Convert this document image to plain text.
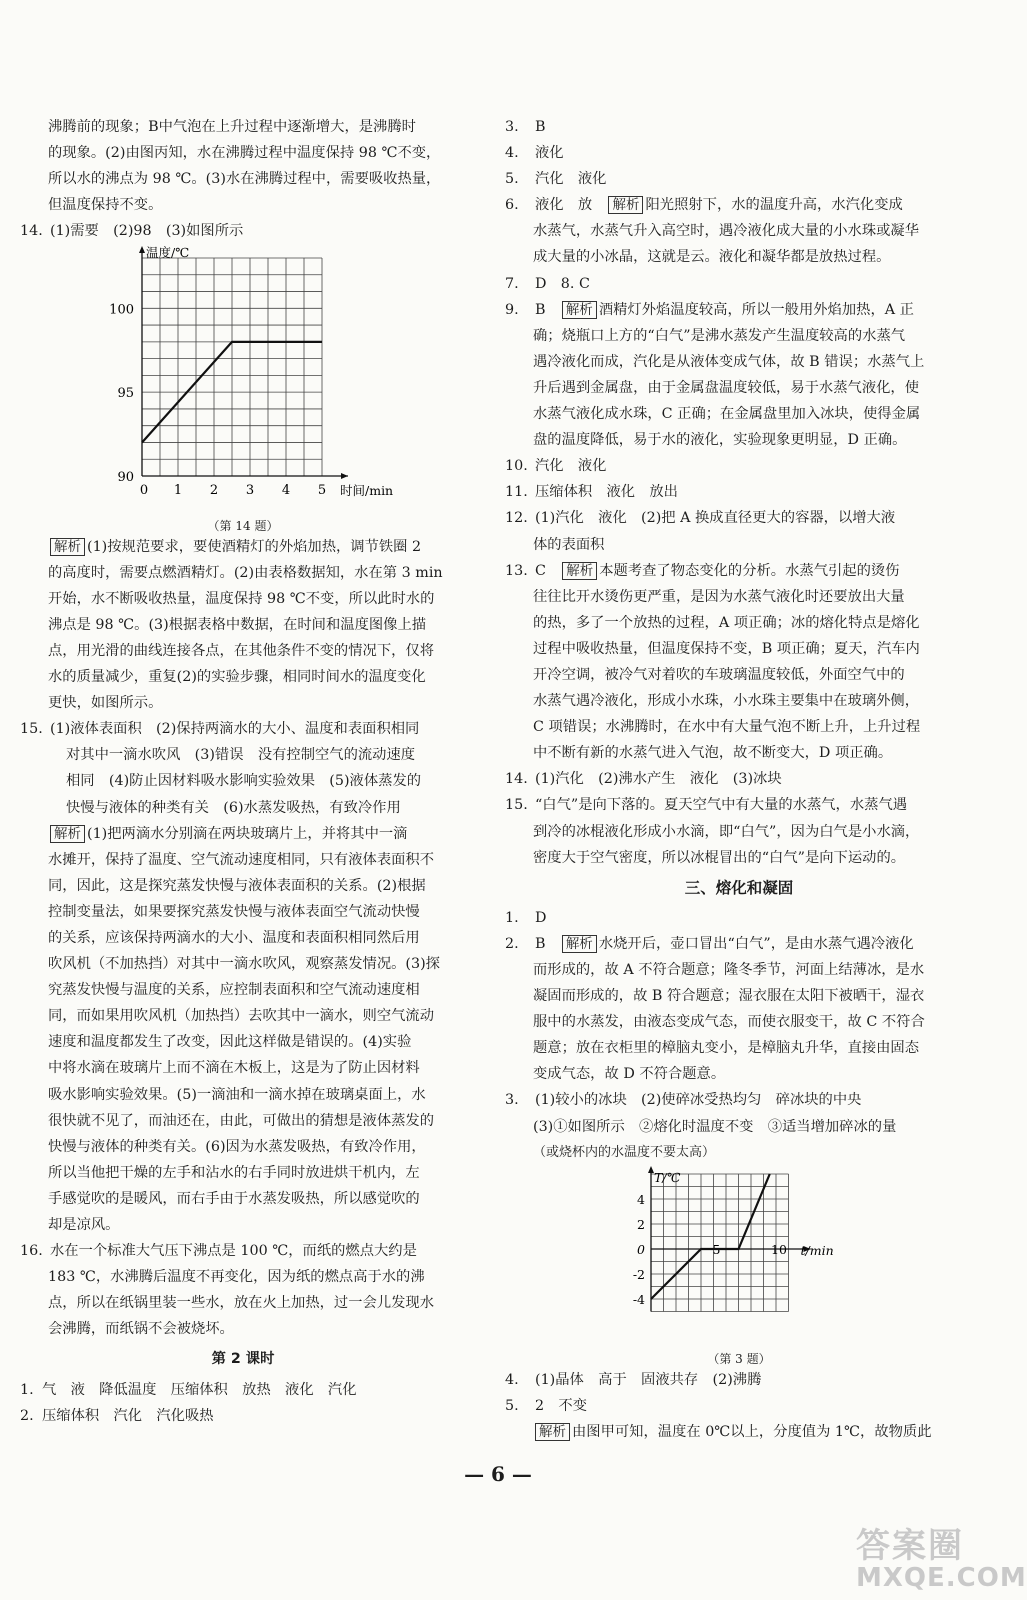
沸腾前的现象；B中气泡在上升过程中逐渐增大，是沸腾时

的现象。(2)由图丙知，水在沸腾过程中温度保持 98 ℃不变，

所以水的沸点为 98 ℃。(3)水在沸腾过程中，需要吸收热量，

但温度保持不变。

14. (1)需要　(2)98　(3)如图所示

0 1 2 3 4 5
90
95
100
时间/min
温度/℃
（第 14 题）

解析 (1)按规范要求，要使酒精灯的外焰加热，调节铁圈 2

的高度时，需要点燃酒精灯。(2)由表格数据知，水在第 3 min

开始，水不断吸收热量，温度保持 98 ℃不变，所以此时水的

沸点是 98 ℃。(3)根据表格中数据，在时间和温度图像上描

点，用光滑的曲线连接各点，在其他条件不变的情况下，仅将

水的质量减少，重复(2)的实验步骤，相同时间水的温度变化

更快，如图所示。

15. (1)液体表面积　(2)保持两滴水的大小、温度和表面积相同

对其中一滴水吹风　(3)错误　没有控制空气的流动速度

相同　(4)防止因材料吸水影响实验效果　(5)液体蒸发的

快慢与液体的种类有关　(6)水蒸发吸热，有致冷作用

解析 (1)把两滴水分别滴在两块玻璃片上，并将其中一滴

水摊开，保持了温度、空气流动速度相同，只有液体表面积不

同，因此，这是探究蒸发快慢与液体表面积的关系。(2)根据

控制变量法，如果要探究蒸发快慢与液体表面空气流动快慢

的关系，应该保持两滴水的大小、温度和表面积相同然后用

吹风机（不加热挡）对其中一滴水吹风，观察蒸发情况。(3)探

究蒸发快慢与温度的关系，应控制表面积和空气流动速度相

同，而如果用吹风机（加热挡）去吹其中一滴水，则空气流动

速度和温度都发生了改变，因此这样做是错误的。(4)实验

中将水滴在玻璃片上而不滴在木板上，这是为了防止因材料

吸水影响实验效果。(5)一滴油和一滴水掉在玻璃桌面上，水

很快就不见了，而油还在，由此，可做出的猜想是液体蒸发的

快慢与液体的种类有关。(6)因为水蒸发吸热，有致冷作用，

所以当他把干燥的左手和沾水的右手同时放进烘干机内，左

手感觉吹的是暖风，而右手由于水蒸发吸热，所以感觉吹的

却是凉风。

16. 水在一个标准大气压下沸点是 100 ℃，而纸的燃点大约是

183 ℃，水沸腾后温度不再变化，因为纸的燃点高于水的沸

点，所以在纸锅里装一些水，放在火上加热，过一会儿发现水

会沸腾，而纸锅不会被烧坏。

第 2 课时

1. 气　液　降低温度　压缩体积　放热　液化　汽化

2. 压缩体积　汽化　汽化吸热

3. B

4. 液化

5. 汽化　液化

6. 液化　放　解析 阳光照射下，水的温度升高，水汽化变成

水蒸气，水蒸气升入高空时，遇冷液化成大量的小水珠或凝华

成大量的小冰晶，这就是云。液化和凝华都是放热过程。

7. D　8. C

9. B　解析 酒精灯外焰温度较高，所以一般用外焰加热，A 正

确；烧瓶口上方的“白气”是沸水蒸发产生温度较高的水蒸气

遇冷液化而成，汽化是从液体变成气体，故 B 错误；水蒸气上

升后遇到金属盘，由于金属盘温度较低，易于水蒸气液化，使

水蒸气液化成水珠，C 正确；在金属盘里加入冰块，使得金属

盘的温度降低，易于水的液化，实验现象更明显，D 正确。

10. 汽化　液化

11. 压缩体积　液化　放出

12. (1)汽化　液化　(2)把 A 换成直径更大的容器，以增大液

体的表面积

13. C　解析 本题考查了物态变化的分析。水蒸气引起的烫伤

往往比开水烫伤更严重，是因为水蒸气液化时还要放出大量

的热，多了一个放热的过程，A 项正确；冰的熔化特点是熔化

过程中吸收热量，但温度保持不变，B 项正确；夏天，汽车内

开冷空调，被冷气对着吹的车玻璃温度较低，外面空气中的

水蒸气遇冷液化，形成小水珠，小水珠主要集中在玻璃外侧，

C 项错误；水沸腾时，在水中有大量气泡不断上升，上升过程

中不断有新的水蒸气进入气泡，故不断变大，D 项正确。

14. (1)汽化　(2)沸水产生　液化　(3)冰块

15. “白气”是向下落的。夏天空气中有大量的水蒸气，水蒸气遇

到冷的冰棍液化形成小水滴，即“白气”，因为白气是小水滴，

密度大于空气密度，所以冰棍冒出的“白气”是向下运动的。

三、熔化和凝固

1. D

2. B　解析 水烧开后，壶口冒出“白气”，是由水蒸气遇冷液化

而形成的，故 A 不符合题意；隆冬季节，河面上结薄冰，是水

凝固而形成的，故 B 符合题意；湿衣服在太阳下被晒干，湿衣

服中的水蒸发，由液态变成气态，而使衣服变干，故 C 不符合

题意；放在衣柜里的樟脑丸变小，是樟脑丸升华，直接由固态

变成气态，故 D 不符合题意。

3. (1)较小的冰块　(2)使碎冰受热均匀　碎冰块的中央

(3)①如图所示　②熔化时温度不变　③适当增加碎冰的量

（或烧杯内的水温度不要太高）

0	5	10
-4
-2
2
4
t/min
T/℃
（第 3 题）

4. (1)晶体　高于　固液共存　(2)沸腾

5. 2　不变

解析 由图甲可知，温度在 0℃以上，分度值为 1℃，故物质此

— 6 —
答案圈
MXQE.COM
